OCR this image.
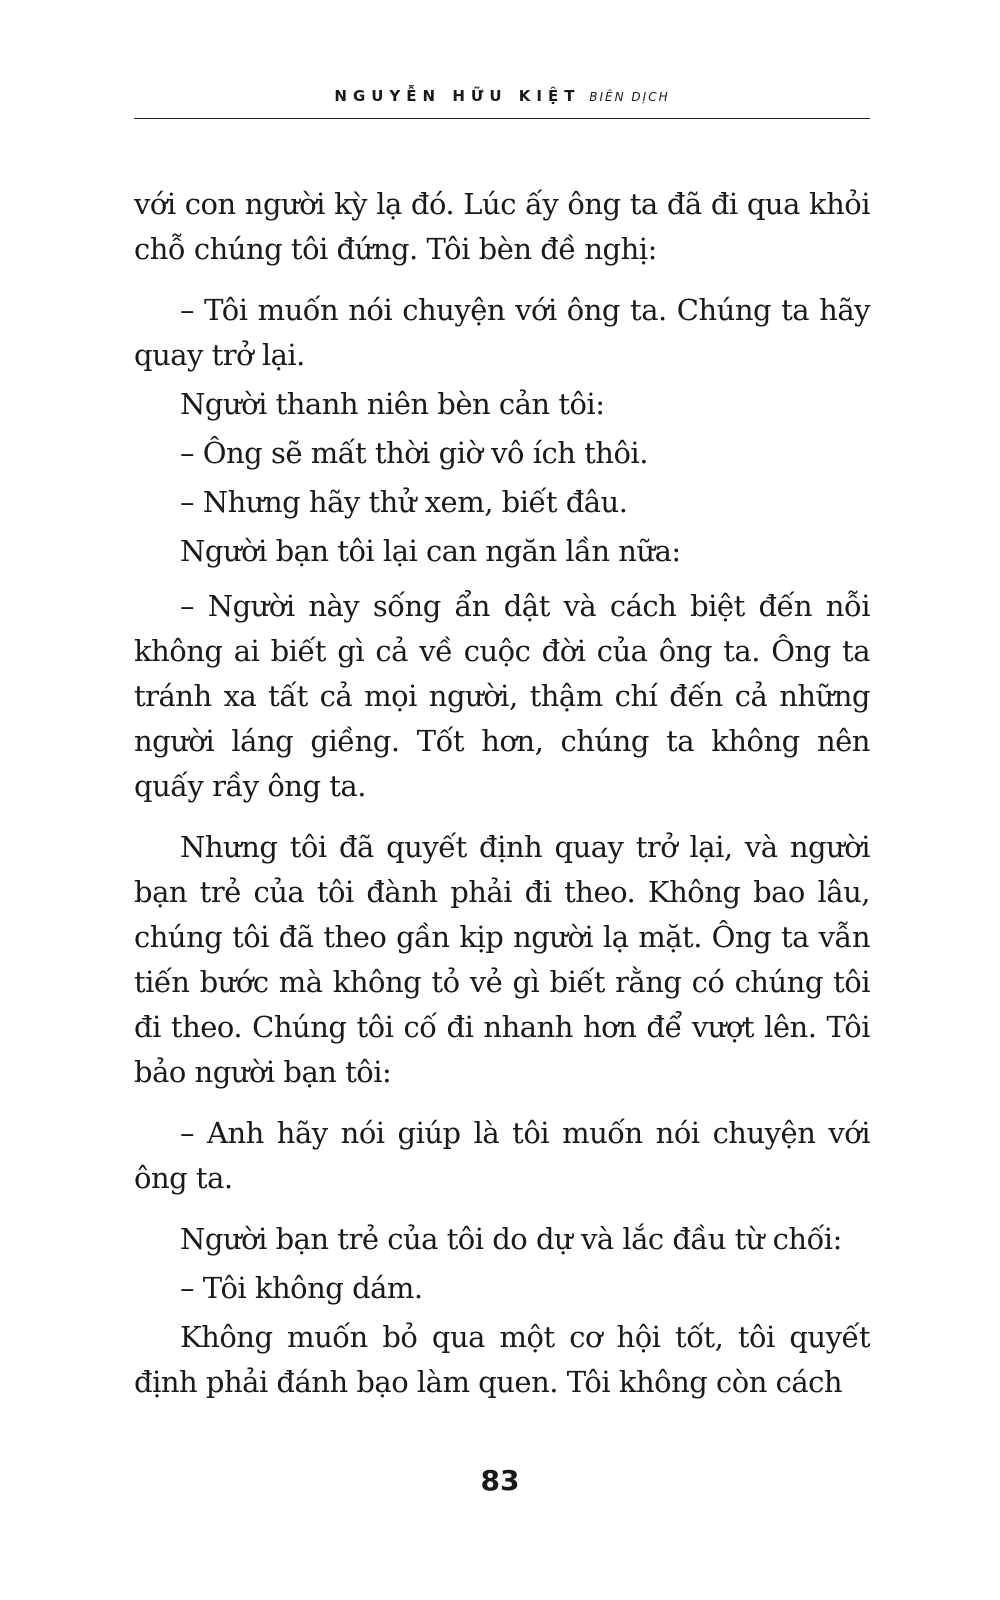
NGUYỄN HỮU KIỆT BIÊN DỊCH

với con người kỳ lạ đó. Lúc ấy ông ta đã đi qua khỏi chỗ chúng tôi đứng. Tôi bèn đề nghị:

– Tôi muốn nói chuyện với ông ta. Chúng ta hãy quay trở lại.

Người thanh niên bèn cản tôi:

– Ông sẽ mất thời giờ vô ích thôi.

– Nhưng hãy thử xem, biết đâu.

Người bạn tôi lại can ngăn lần nữa:

– Người này sống ẩn dật và cách biệt đến nỗi không ai biết gì cả về cuộc đời của ông ta. Ông ta tránh xa tất cả mọi người, thậm chí đến cả những người láng giềng. Tốt hơn, chúng ta không nên quấy rầy ông ta.

Nhưng tôi đã quyết định quay trở lại, và người bạn trẻ của tôi đành phải đi theo. Không bao lâu, chúng tôi đã theo gần kịp người lạ mặt. Ông ta vẫn tiến bước mà không tỏ vẻ gì biết rằng có chúng tôi đi theo. Chúng tôi cố đi nhanh hơn để vượt lên. Tôi bảo người bạn tôi:

– Anh hãy nói giúp là tôi muốn nói chuyện với ông ta.

Người bạn trẻ của tôi do dự và lắc đầu từ chối:

– Tôi không dám.

Không muốn bỏ qua một cơ hội tốt, tôi quyết định phải đánh bạo làm quen. Tôi không còn cách

83
